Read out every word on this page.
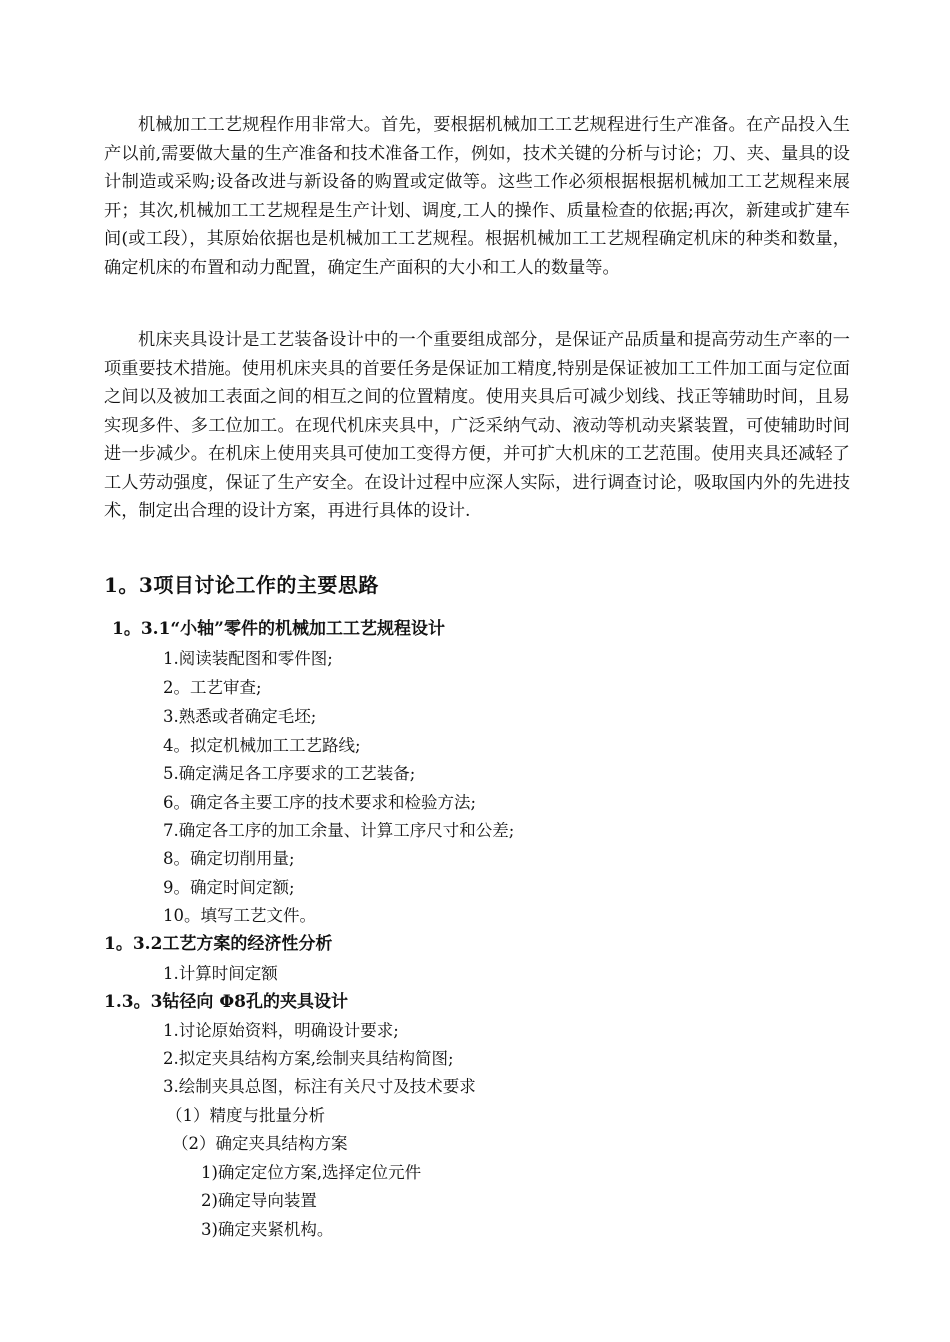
机械加工工艺规程作用非常大。首先，要根据机械加工工艺规程进行生产准备。在产品投入生产以前,需要做大量的生产准备和技术准备工作，例如，技术关键的分析与讨论；刀、夹、量具的设计制造或采购;设备改进与新设备的购置或定做等。这些工作必须根据根据机械加工工艺规程来展开；其次,机械加工工艺规程是生产计划、调度,工人的操作、质量检查的依据;再次，新建或扩建车间(或工段），其原始依据也是机械加工工艺规程。根据机械加工工艺规程确定机床的种类和数量，确定机床的布置和动力配置，确定生产面积的大小和工人的数量等。

机床夹具设计是工艺装备设计中的一个重要组成部分，是保证产品质量和提高劳动生产率的一项重要技术措施。使用机床夹具的首要任务是保证加工精度,特别是保证被加工工件加工面与定位面之间以及被加工表面之间的相互之间的位置精度。使用夹具后可减少划线、找正等辅助时间，且易实现多件、多工位加工。在现代机床夹具中，广泛采纳气动、液动等机动夹紧装置，可使辅助时间进一步减少。在机床上使用夹具可使加工变得方便，并可扩大机床的工艺范围。使用夹具还减轻了工人劳动强度，保证了生产安全。在设计过程中应深人实际，进行调查讨论，吸取国内外的先进技术，制定出合理的设计方案，再进行具体的设计.

1。3项目讨论工作的主要思路
1。3.1“小轴”零件的机械加工工艺规程设计

1.阅读装配图和零件图;

2。工艺审查;

3.熟悉或者确定毛坯;

4。拟定机械加工工艺路线;

5.确定满足各工序要求的工艺装备;

6。确定各主要工序的技术要求和检验方法;

7.确定各工序的加工余量、计算工序尺寸和公差;

8。确定切削用量;

9。确定时间定额;

10。填写工艺文件。

1。3.2工艺方案的经济性分析

1.计算时间定额

1.3。3钻径向 Φ8孔的夹具设计

1.讨论原始资料，明确设计要求;

2.拟定夹具结构方案,绘制夹具结构简图;

3.绘制夹具总图，标注有关尺寸及技术要求

（1）精度与批量分析

（2）确定夹具结构方案

1)确定定位方案,选择定位元件

2)确定导向装置

3)确定夹紧机构。
